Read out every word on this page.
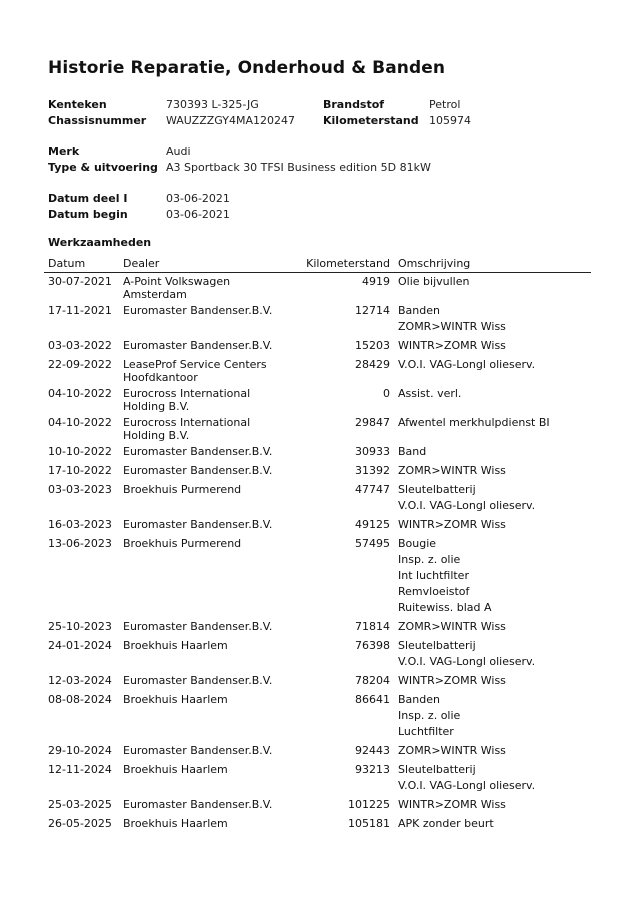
Historie Reparatie, Onderhoud & Banden
Kenteken	730393 L-325-JG
Chassisnummer WAUZZZGY4MA120247
Brandstof	Petrol
Kilometerstand 105974
Merk	Audi
Type & uitvoering A3 Sportback 30 TFSI Business edition 5D 81kW
Datum deel I	03-06-2021
Datum begin	03-06-2021
Werkzaamheden
Datum	Dealer	Kilometerstand	Omschrijving
30-07-2021	A-Point Volkswagen Amsterdam	4919	Olie bijvullen

17-11-2021	Euromaster Bandenser.B.V.	12714	Banden
ZOMR>WINTR Wiss

03-03-2022	Euromaster Bandenser.B.V.	15203	WINTR>ZOMR Wiss

22-09-2022	LeaseProf Service Centers Hoofdkantoor	28429	V.O.I. VAG-Longl olieserv.

04-10-2022	Eurocross International Holding B.V.	0	Assist. verl.

04-10-2022	Eurocross International Holding B.V.	29847	Afwentel merkhulpdienst BI

10-10-2022	Euromaster Bandenser.B.V.	30933	Band

17-10-2022	Euromaster Bandenser.B.V.	31392	ZOMR>WINTR Wiss

03-03-2023	Broekhuis Purmerend	47747	Sleutelbatterij
V.O.I. VAG-Longl olieserv.

16-03-2023	Euromaster Bandenser.B.V.	49125	WINTR>ZOMR Wiss

13-06-2023	Broekhuis Purmerend	57495	Bougie
Insp. z. olie
Int luchtfilter
Remvloeistof
Ruitewiss. blad A

25-10-2023	Euromaster Bandenser.B.V.	71814	ZOMR>WINTR Wiss

24-01-2024	Broekhuis Haarlem	76398	Sleutelbatterij
V.O.I. VAG-Longl olieserv.

12-03-2024	Euromaster Bandenser.B.V.	78204	WINTR>ZOMR Wiss

08-08-2024	Broekhuis Haarlem	86641	Banden
Insp. z. olie
Luchtfilter

29-10-2024	Euromaster Bandenser.B.V.	92443	ZOMR>WINTR Wiss

12-11-2024	Broekhuis Haarlem	93213	Sleutelbatterij
V.O.I. VAG-Longl olieserv.

25-03-2025	Euromaster Bandenser.B.V.	101225	WINTR>ZOMR Wiss

26-05-2025	Broekhuis Haarlem	105181	APK zonder beurt
